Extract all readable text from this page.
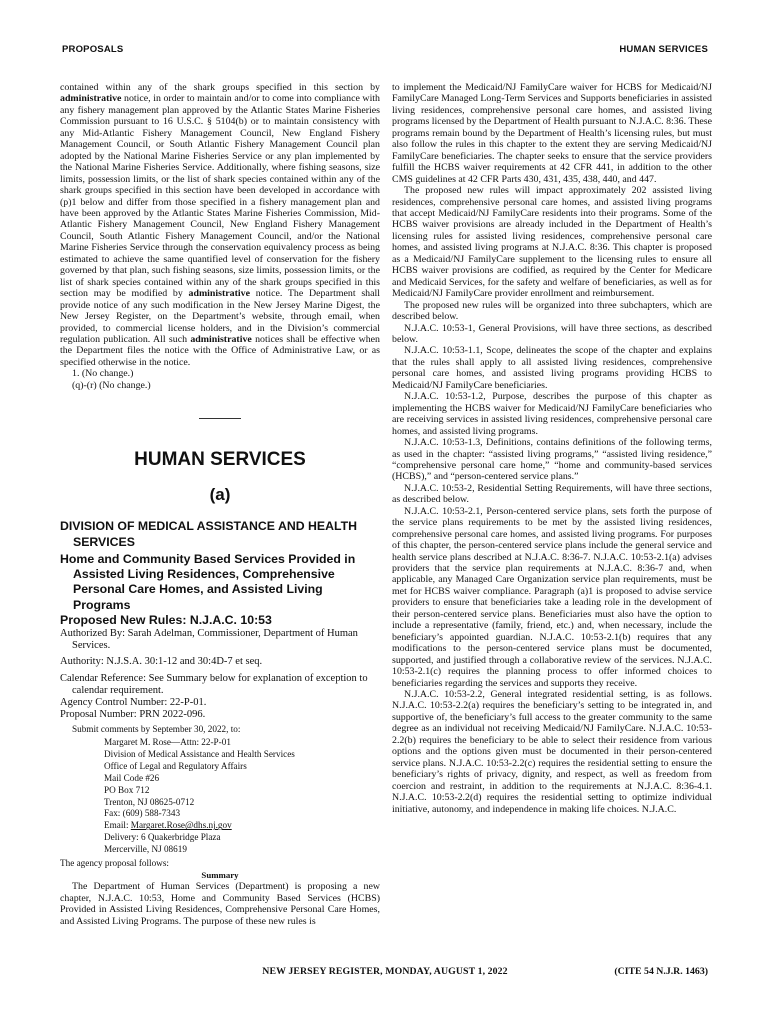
PROPOSALS	HUMAN SERVICES

contained within any of the shark groups specified in this section by administrative notice, in order to maintain and/or to come into compliance with any fishery management plan approved by the Atlantic States Marine Fisheries Commission pursuant to 16 U.S.C. § 5104(b) or to maintain consistency with any Mid-Atlantic Fishery Management Council, New England Fishery Management Council, or South Atlantic Fishery Management Council plan adopted by the National Marine Fisheries Service or any plan implemented by the National Marine Fisheries Service. Additionally, where fishing seasons, size limits, possession limits, or the list of shark species contained within any of the shark groups specified in this section have been developed in accordance with (p)1 below and differ from those specified in a fishery management plan and have been approved by the Atlantic States Marine Fisheries Commission, Mid-Atlantic Fishery Management Council, New England Fishery Management Council, South Atlantic Fishery Management Council, and/or the National Marine Fisheries Service through the conservation equivalency process as being estimated to achieve the same quantified level of conservation for the fishery governed by that plan, such fishing seasons, size limits, possession limits, or the list of shark species contained within any of the shark groups specified in this section may be modified by administrative notice. The Department shall provide notice of any such modification in the New Jersey Marine Digest, the New Jersey Register, on the Department’s website, through email, when provided, to commercial license holders, and in the Division’s commercial regulation publication. All such administrative notices shall be effective when the Department files the notice with the Office of Administrative Law, or as specified otherwise in the notice.

1. (No change.)

(q)-(r) (No change.)

HUMAN SERVICES
(a)

DIVISION OF MEDICAL ASSISTANCE AND HEALTH SERVICES

Home and Community Based Services Provided in Assisted Living Residences, Comprehensive Personal Care Homes, and Assisted Living Programs

Proposed New Rules: N.J.A.C. 10:53

Authorized By: Sarah Adelman, Commissioner, Department of Human Services.

Authority: N.J.S.A. 30:1-12 and 30:4D-7 et seq.

Calendar Reference: See Summary below for explanation of exception to calendar requirement.

Agency Control Number: 22-P-01.

Proposal Number: PRN 2022-096.

Submit comments by September 30, 2022, to:

Margaret M. Rose—Attn: 22-P-01
Division of Medical Assistance and Health Services
Office of Legal and Regulatory Affairs
Mail Code #26
PO Box 712
Trenton, NJ 08625-0712
Fax: (609) 588-7343
Email: Margaret.Rose@dhs.nj.gov
Delivery: 6 Quakerbridge Plaza
Mercerville, NJ 08619

The agency proposal follows:

Summary

The Department of Human Services (Department) is proposing a new chapter, N.J.A.C. 10:53, Home and Community Based Services (HCBS) Provided in Assisted Living Residences, Comprehensive Personal Care Homes, and Assisted Living Programs. The purpose of these new rules is

to implement the Medicaid/NJ FamilyCare waiver for HCBS for Medicaid/NJ FamilyCare Managed Long-Term Services and Supports beneficiaries in assisted living residences, comprehensive personal care homes, and assisted living programs licensed by the Department of Health pursuant to N.J.A.C. 8:36. These programs remain bound by the Department of Health’s licensing rules, but must also follow the rules in this chapter to the extent they are serving Medicaid/NJ FamilyCare beneficiaries. The chapter seeks to ensure that the service providers fulfill the HCBS waiver requirements at 42 CFR 441, in addition to the other CMS guidelines at 42 CFR Parts 430, 431, 435, 438, 440, and 447.

The proposed new rules will impact approximately 202 assisted living residences, comprehensive personal care homes, and assisted living programs that accept Medicaid/NJ FamilyCare residents into their programs. Some of the HCBS waiver provisions are already included in the Department of Health’s licensing rules for assisted living residences, comprehensive personal care homes, and assisted living programs at N.J.A.C. 8:36. This chapter is proposed as a Medicaid/NJ FamilyCare supplement to the licensing rules to ensure all HCBS waiver provisions are codified, as required by the Center for Medicare and Medicaid Services, for the safety and welfare of beneficiaries, as well as for Medicaid/NJ FamilyCare provider enrollment and reimbursement.

The proposed new rules will be organized into three subchapters, which are described below.

N.J.A.C. 10:53-1, General Provisions, will have three sections, as described below.

N.J.A.C. 10:53-1.1, Scope, delineates the scope of the chapter and explains that the rules shall apply to all assisted living residences, comprehensive personal care homes, and assisted living programs providing HCBS to Medicaid/NJ FamilyCare beneficiaries.

N.J.A.C. 10:53-1.2, Purpose, describes the purpose of this chapter as implementing the HCBS waiver for Medicaid/NJ FamilyCare beneficiaries who are receiving services in assisted living residences, comprehensive personal care homes, and assisted living programs.

N.J.A.C. 10:53-1.3, Definitions, contains definitions of the following terms, as used in the chapter: “assisted living programs,” “assisted living residence,” “comprehensive personal care home,” “home and community-based services (HCBS),” and “person-centered service plans.”

N.J.A.C. 10:53-2, Residential Setting Requirements, will have three sections, as described below.

N.J.A.C. 10:53-2.1, Person-centered service plans, sets forth the purpose of the service plans requirements to be met by the assisted living residences, comprehensive personal care homes, and assisted living programs. For purposes of this chapter, the person-centered service plans include the general service and health service plans described at N.J.A.C. 8:36-7. N.J.A.C. 10:53-2.1(a) advises providers that the service plan requirements at N.J.A.C. 8:36-7 and, when applicable, any Managed Care Organization service plan requirements, must be met for HCBS waiver compliance. Paragraph (a)1 is proposed to advise service providers to ensure that beneficiaries take a leading role in the development of their person-centered service plans. Beneficiaries must also have the option to include a representative (family, friend, etc.) and, when necessary, include the beneficiary’s appointed guardian. N.J.A.C. 10:53-2.1(b) requires that any modifications to the person-centered service plans must be documented, supported, and justified through a collaborative review of the services. N.J.A.C. 10:53-2.1(c) requires the planning process to offer informed choices to beneficiaries regarding the services and supports they receive.

N.J.A.C. 10:53-2.2, General integrated residential setting, is as follows. N.J.A.C. 10:53-2.2(a) requires the beneficiary’s setting to be integrated in, and supportive of, the beneficiary’s full access to the greater community to the same degree as an individual not receiving Medicaid/NJ FamilyCare. N.J.A.C. 10:53-2.2(b) requires the beneficiary to be able to select their residence from various options and the options given must be documented in their person-centered service plans. N.J.A.C. 10:53-2.2(c) requires the residential setting to ensure the beneficiary’s rights of privacy, dignity, and respect, as well as freedom from coercion and restraint, in addition to the requirements at N.J.A.C. 8:36-4.1. N.J.A.C. 10:53-2.2(d) requires the residential setting to optimize individual initiative, autonomy, and independence in making life choices. N.J.A.C.

NEW JERSEY REGISTER, MONDAY, AUGUST 1, 2022	(CITE 54 N.J.R. 1463)
